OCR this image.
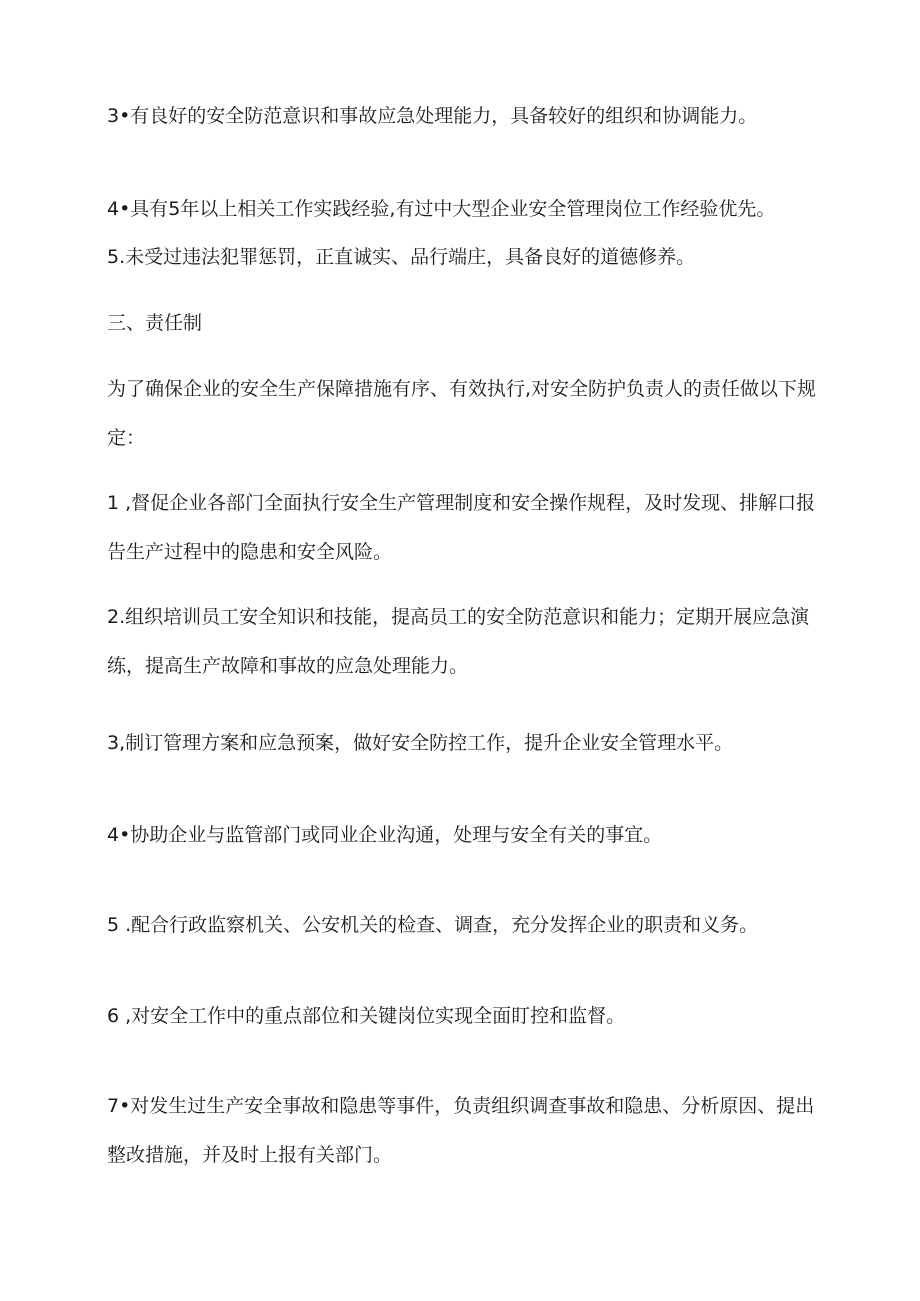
3•有良好的安全防范意识和事故应急处理能力，具备较好的组织和协调能力。
4•具有5年以上相关工作实践经验,有过中大型企业安全管理岗位工作经验优先。
5.未受过违法犯罪惩罚，正直诚实、品行端庄，具备良好的道德修养。
三、责任制
为了确保企业的安全生产保障措施有序、有效执行,对安全防护负责人的责任做以下规
定：
1 ,督促企业各部门全面执行安全生产管理制度和安全操作规程，及时发现、排解口报
告生产过程中的隐患和安全风险。
2.组织培训员工安全知识和技能，提高员工的安全防范意识和能力；定期开展应急演
练，提高生产故障和事故的应急处理能力。
3,制订管理方案和应急预案，做好安全防控工作，提升企业安全管理水平。
4•协助企业与监管部门或同业企业沟通，处理与安全有关的事宜。
5 .配合行政监察机关、公安机关的检查、调查，充分发挥企业的职责和义务。
6 ,对安全工作中的重点部位和关键岗位实现全面盯控和监督。
7•对发生过生产安全事故和隐患等事件，负责组织调查事故和隐患、分析原因、提出
整改措施，并及时上报有关部门。
